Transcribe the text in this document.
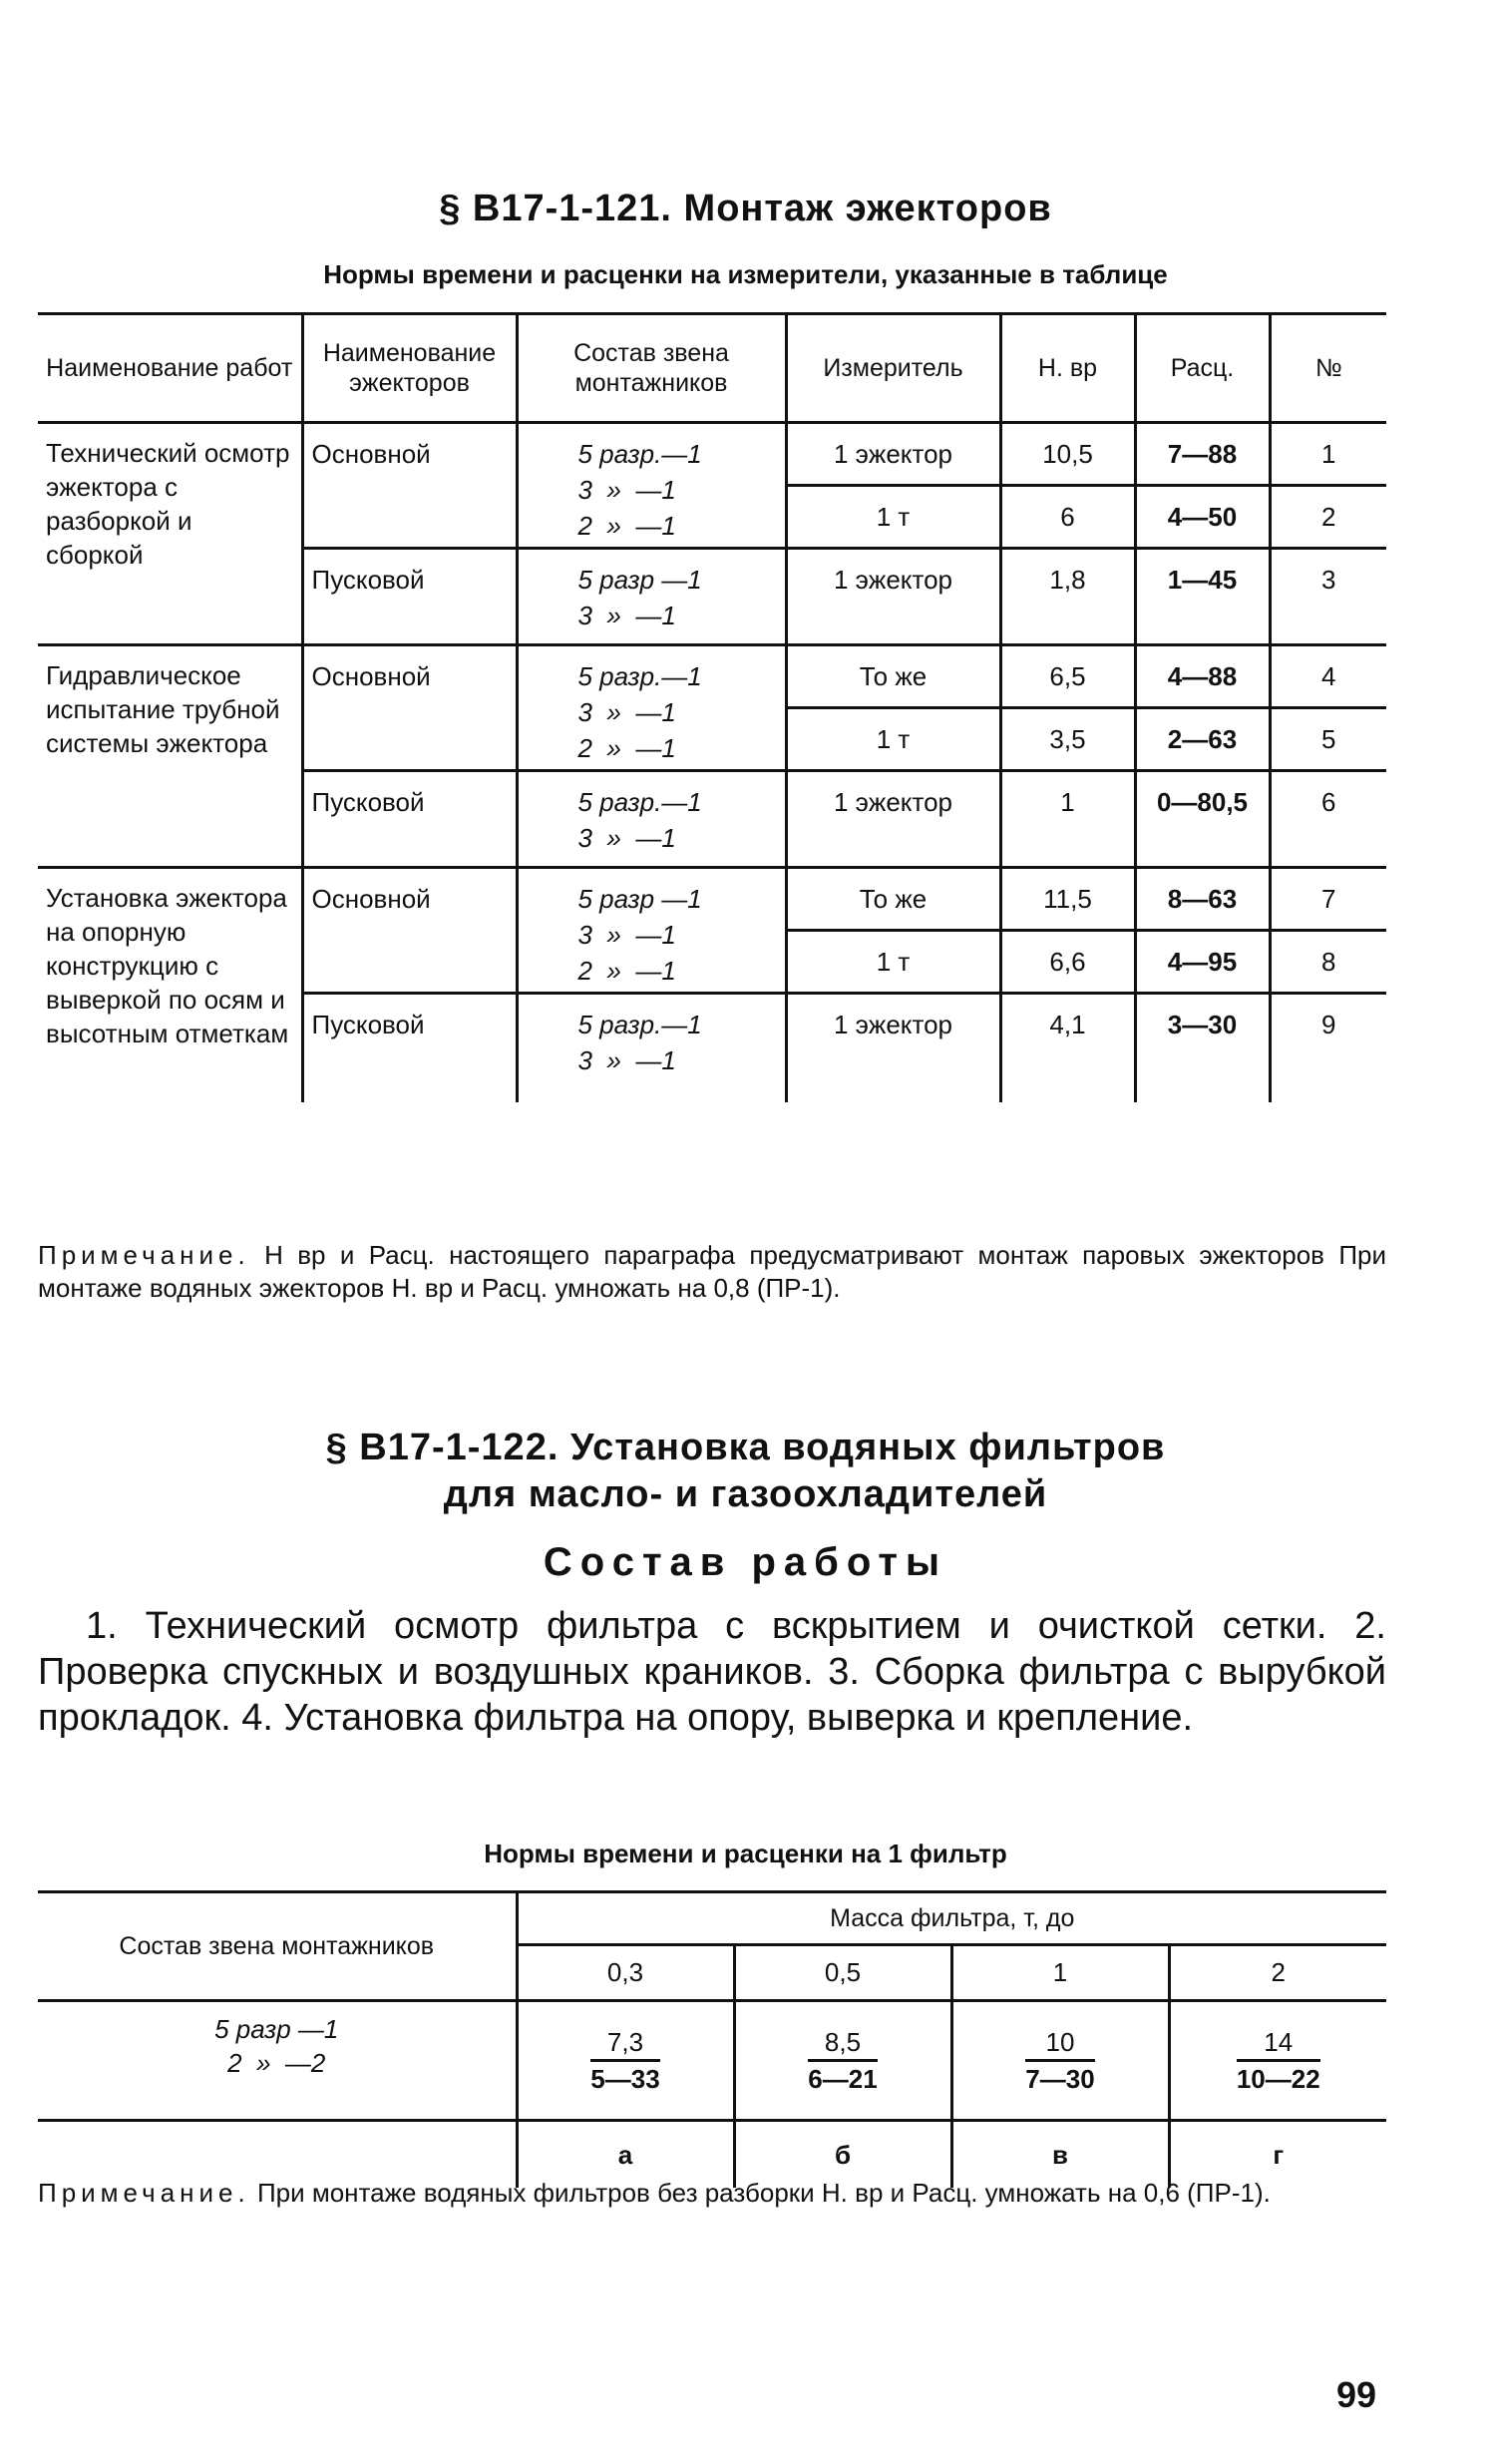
§ В17-1-121. Монтаж эжекторов
Нормы времени и расценки на измерители, указанные в таблице
Наименование работ	Наименование эжекторов	Состав звена монтажников	Измеритель	Н. вр	Расц.	№
Технический осмотр эжектора с разборкой и сборкой	Основной	5 разр.—1
3  »  —1
2  »  —1	1 эжектор	10,5	7—88	1
			1 т	6	4—50	2
	Пусковой	5 разр —1
3  »  —1	1 эжектор	1,8	1—45	3
Гидравлическое испытание трубной системы эжектора	Основной	5 разр.—1
3  »  —1
2  »  —1	То же	6,5	4—88	4
			1 т	3,5	2—63	5
	Пусковой	5 разр.—1
3  »  —1	1 эжектор	1	0—80,5	6
Установка эжектора на опорную конструкцию с выверкой по осям и высотным отметкам	Основной	5 разр —1
3  »  —1
2  »  —1	То же	11,5	8—63	7
			1 т	6,6	4—95	8
	Пусковой	5 разр.—1
3  »  —1	1 эжектор	4,1	3—30	9
Примечание. Н вр и Расц. настоящего параграфа предусматривают монтаж паровых эжекторов При монтаже водяных эжекторов Н. вр и Расц. умножать на 0,8 (ПР-1).
§ В17-1-122. Установка водяных фильтров
для масло- и газоохладителей
Состав работы
1. Технический осмотр фильтра с вскрытием и очисткой сетки. 2. Проверка спускных и воздушных краников. 3. Сборка фильтра с вырубкой прокладок. 4. Установка фильтра на опору, выверка и крепление.
Нормы времени и расценки на 1 фильтр
Состав звена монтажников	Масса фильтра, т, до			
	0,3	0,5	1	2
5 разр —1
2  »  —2	$\frac{7,3}{5—33}$	$\frac{8,5}{6—21}$	$\frac{10}{7—30}$	$\frac{14}{10—22}$

	а	б	в	г
Примечание. При монтаже водяных фильтров без разборки Н. вр и Расц. умножать на 0,6 (ПР-1).
99
